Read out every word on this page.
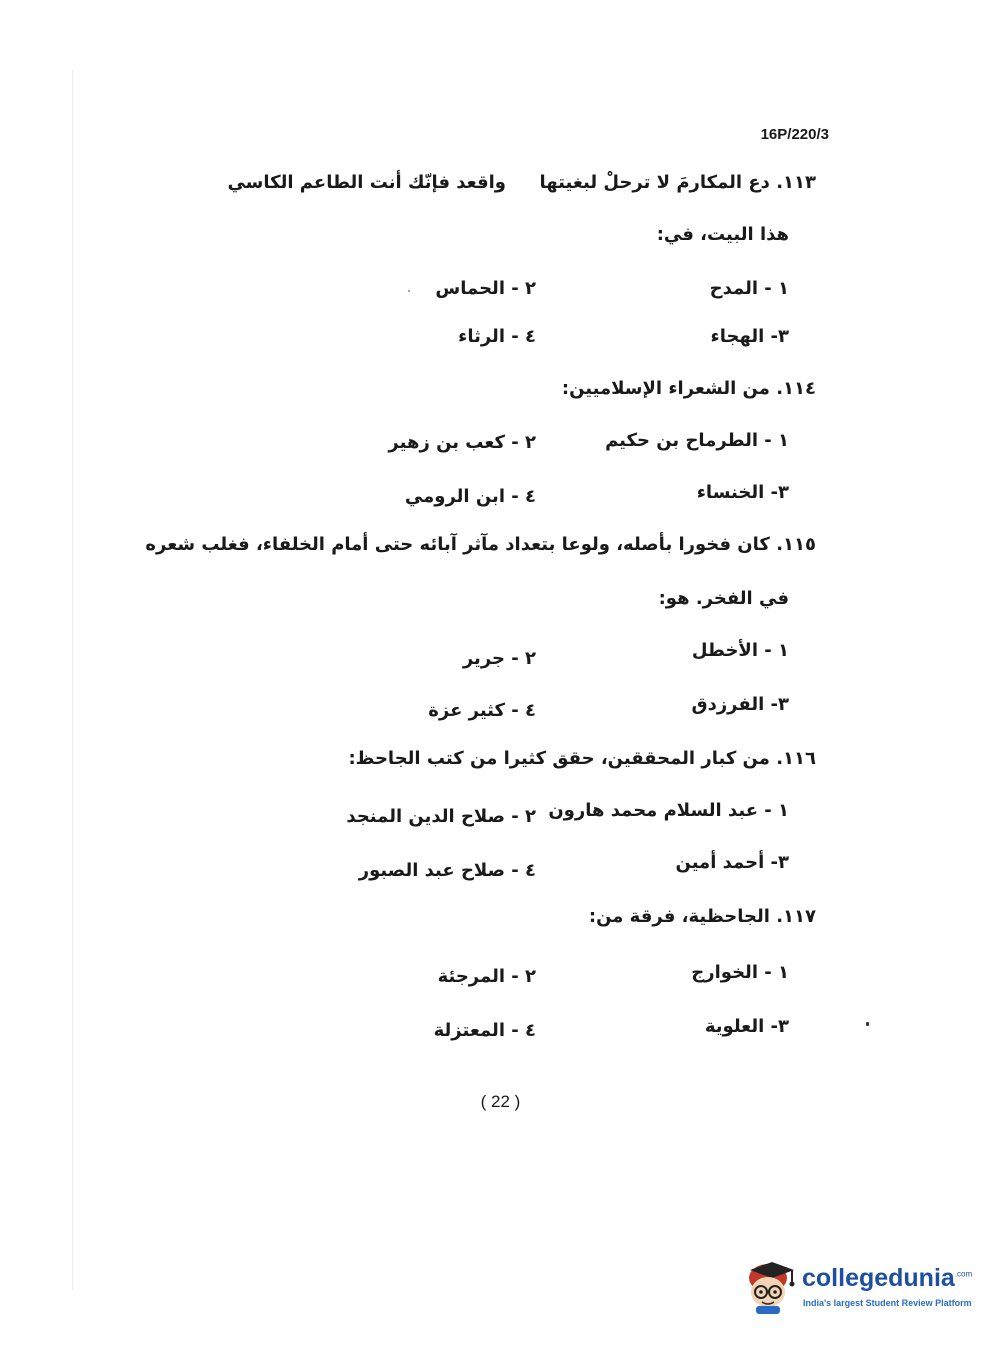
16P/220/3
١١٣. دع المكارمَ لا ترحلْ لبغيتها
واقعد فإنّك أنت الطاعم الكاسي
هذا البيت، في:
١ - المدح
٢ - الحماس
٣- الهجاء
٤ - الرثاء
١١٤. من الشعراء الإسلاميين:
١ - الطرماح بن حكيم
٢ - كعب بن زهير
٣- الخنساء
٤ - ابن الرومي
١١٥. كان فخورا بأصله، ولوعا بتعداد مآثر آبائه حتى أمام الخلفاء، فغلب شعره
في الفخر. هو:
١ - الأخطل
٢ - جرير
٣- الفرزدق
٤ - كثير عزة
١١٦. من كبار المحققين، حقق كثيرا من كتب الجاحظ:
١ - عبد السلام محمد هارون
٢ - صلاح الدين المنجد
٣- أحمد أمين
٤ - صلاح عبد الصبور
١١٧. الجاحظية، فرقة من:
١ - الخوارج
٢ - المرجئة
٣- العلوية
٤ - المعتزلة
( 22 )
collegedunia$^{.com}$
India's largest Student Review Platform
